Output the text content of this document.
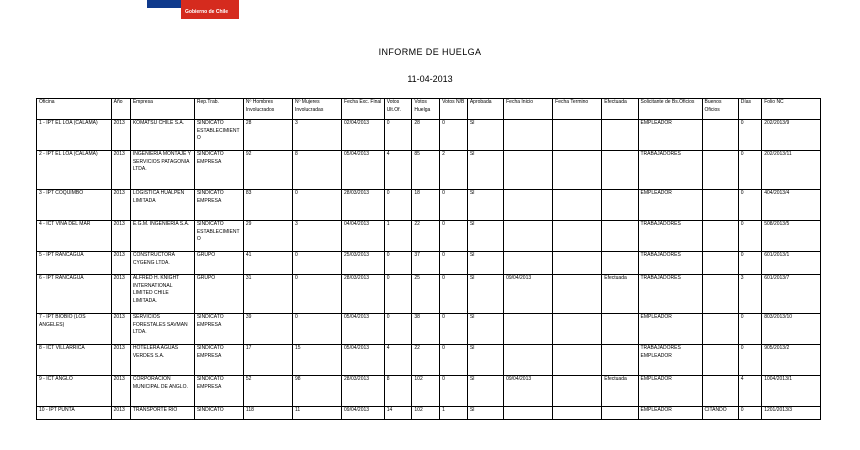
Gobierno de Chile
INFORME DE HUELGA
11-04-2013
Oficina	Año	Empresa	Rep.Trab.	Nº Hombres Involucrados	Nº Mujeres Involucradas	Fecha Exc. Final	Votos Ult.Of.	Votos Huelga	Votos N/B	Aprobada	Fecha Inicio	Fecha Termino	Efectuada	Solicitante de Bs.Oficios	Buenos Oficios	Días	Folio NC
1 - IPT EL LOA (CALAMA)	2013	KOMATSU CHILE S.A.	SINDICATO ESTABLECIMIENTO	28	3	02/04/2013	0	28	0	SI				EMPLEADOR		0	202/2013/9
2 - IPT EL LOA (CALAMA)	2013	INGENIERIA MONTAJE Y SERVICIOS PATAGONIA LTDA.	SINDICATO EMPRESA	92	8	05/04/2013	4	85	2	SI				TRABAJADORES		0	202/2013/11
3 - IPT COQUIMBO	2013	LOGISTICA HUALPEN LIMITADA	SINDICATO EMPRESA	83	0	28/03/2013	0	18	0	SI				EMPLEADOR		0	404/2013/4
4 - ICT VIÑA DEL MAR	2013	E.G.M. INGENIERIA S.A.	SINDICATO ESTABLECIMIENTO	29	3	04/04/2013	1	22	0	SI				TRABAJADORES		0	508/2013/5
5 - IPT RANCAGUA	2013	CONSTRUCTORA CYGENG LTDA.	GRUPO	41	0	25/03/2013	0	37	0	SI				TRABAJADORES		0	601/2013/1
6 - IPT RANCAGUA	2013	ALFRED H. KNIGHT INTERNATIONAL LIMITED CHILE LIMITADA.	GRUPO	31	0	28/03/2013	0	25	0	SI	09/04/2013		Efectuada	TRABAJADORES		3	601/2013/7
7 - IPT BIOBIO (LOS ANGELES)	2013	SERVICIOS FORESTALES SAVMAN LTDA.	SINDICATO EMPRESA	39	0	05/04/2013	0	38	0	SI				EMPLEADOR		0	803/2013/10
8 - ICT VILLARRICA	2013	HOTELERA AGUAS VERDES S.A.	SINDICATO EMPRESA	17	15	05/04/2013	4	22	0	SI				TRABAJADORES EMPLEADOR		0	905/2013/2
9 - ICT ANGLO	2013	CORPORACION MUNICIPAL DE ANGLO.	SINDICATO EMPRESA	52	98	28/03/2013	8	102	0	SI	09/04/2013		Efectuada	EMPLEADOR		4	1004/2013/1
10 - IPT PUNTA	2013	TRANSPORTE RIO	SINDICATO	118	11	09/04/2013	14	102	1	SI				EMPLEADOR	CITANDO	0	1201/2013/3
